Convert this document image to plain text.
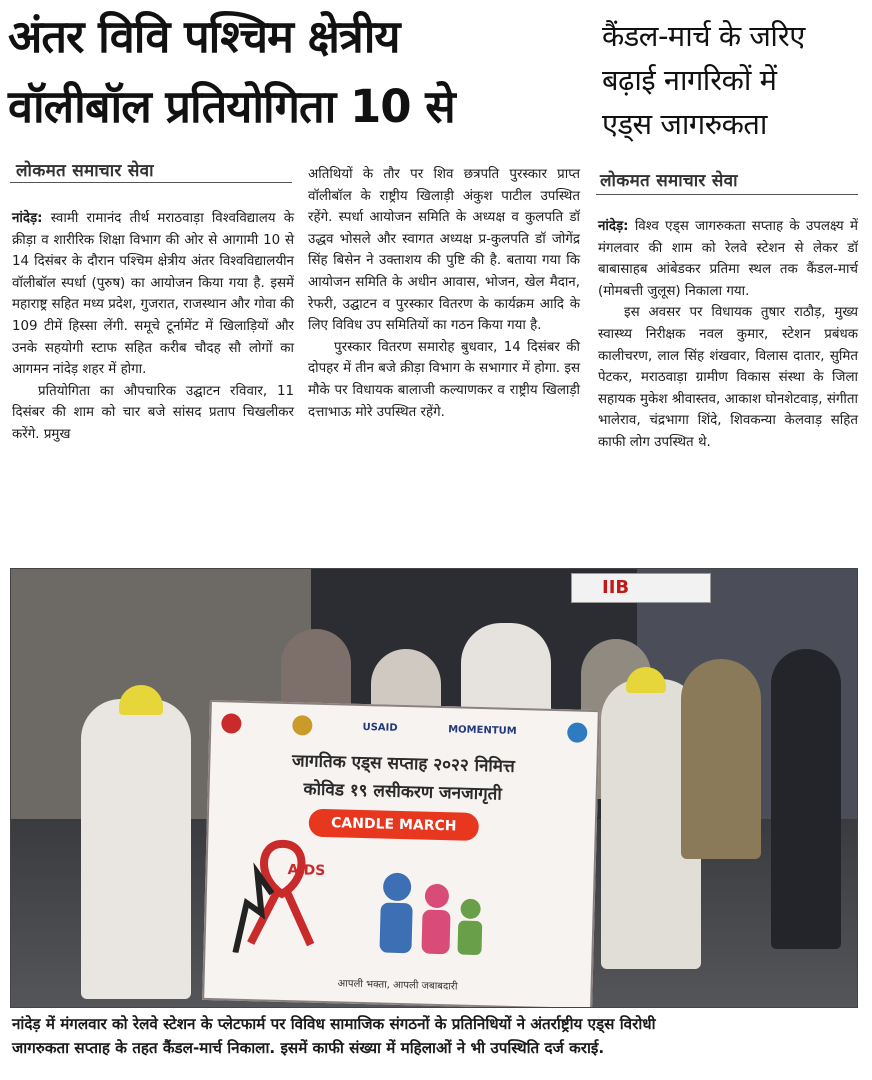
अंतर विवि पश्चिम क्षेत्रीय
वॉलीबॉल प्रतियोगिता 10 से
कैंडल-मार्च के जरिए
बढ़ाई नागरिकों में
एड्स जागरुकता
लोकमत समाचार सेवा	लोकमत समाचार सेवा

नांदेड़: स्वामी रामानंद तीर्थ मराठवाड़ा विश्वविद्यालय के क्रीड़ा व शारीरिक शिक्षा विभाग की ओर से आगामी 10 से 14 दिसंबर के दौरान पश्चिम क्षेत्रीय अंतर विश्वविद्यालयीन वॉलीबॉल स्पर्धा (पुरुष) का आयोजन किया गया है. इसमें महाराष्ट्र सहित मध्य प्रदेश, गुजरात, राजस्थान और गोवा की 109 टीमें हिस्सा लेंगी. समूचे टूर्नामेंट में खिलाड़ियों और उनके सहयोगी स्टाफ सहित करीब चौदह सौ लोगों का आगमन नांदेड़ शहर में होगा.

प्रतियोगिता का औपचारिक उद्घाटन रविवार, 11 दिसंबर की शाम को चार बजे सांसद प्रताप चिखलीकर करेंगे. प्रमुख

अतिथियों के तौर पर शिव छत्रपति पुरस्कार प्राप्त वॉलीबॉल के राष्ट्रीय खिलाड़ी अंकुश पाटील उपस्थित रहेंगे. स्पर्धा आयोजन समिति के अध्यक्ष व कुलपति डॉ उद्धव भोसले और स्वागत अध्यक्ष प्र-कुलपति डॉ जोगेंद्र सिंह बिसेन ने उक्ताशय की पुष्टि की है. बताया गया कि आयोजन समिति के अधीन आवास, भोजन, खेल मैदान, रेफरी, उद्घाटन व पुरस्कार वितरण के कार्यक्रम आदि के लिए विविध उप समितियों का गठन किया गया है.

पुरस्कार वितरण समारोह बुधवार, 14 दिसंबर की दोपहर में तीन बजे क्रीड़ा विभाग के सभागार में होगा. इस मौके पर विधायक बालाजी कल्याणकर व राष्ट्रीय खिलाड़ी दत्ताभाऊ मोरे उपस्थित रहेंगे.

नांदेड़: विश्व एड्स जागरुकता सप्ताह के उपलक्ष्य में मंगलवार की शाम को रेलवे स्टेशन से लेकर डॉ बाबासाहब आंबेडकर प्रतिमा स्थल तक कैंडल-मार्च (मोमबत्ती जुलूस) निकाला गया.

इस अवसर पर विधायक तुषार राठौड़, मुख्य स्वास्थ्य निरीक्षक नवल कुमार, स्टेशन प्रबंधक कालीचरण, लाल सिंह शंखवार, विलास दातार, सुमित पेटकर, मराठवाड़ा ग्रामीण विकास संस्था के जिला सहायक मुकेश श्रीवास्तव, आकाश घोनशेटवाड़, संगीता भालेराव, चंद्रभागा शिंदे, शिवकन्या केलवाड़ सहित काफी लोग उपस्थित थे.

IIB
USAID	MOMENTUM
जागतिक एड्स सप्ताह २०२२ निमित्त
कोविड १९ लसीकरण जनजागृती
CANDLE MARCH
AIDS
आपली भक्ता, आपली जबाबदारी
नांदेड़ में मंगलवार को रेलवे स्टेशन के प्लेटफार्म पर विविध सामाजिक संगठनों के प्रतिनिधियों ने अंतर्राष्ट्रीय एड्स विरोधी
जागरुकता सप्ताह के तहत कैंडल-मार्च निकाला. इसमें काफी संख्या में महिलाओं ने भी उपस्थिति दर्ज कराई.
